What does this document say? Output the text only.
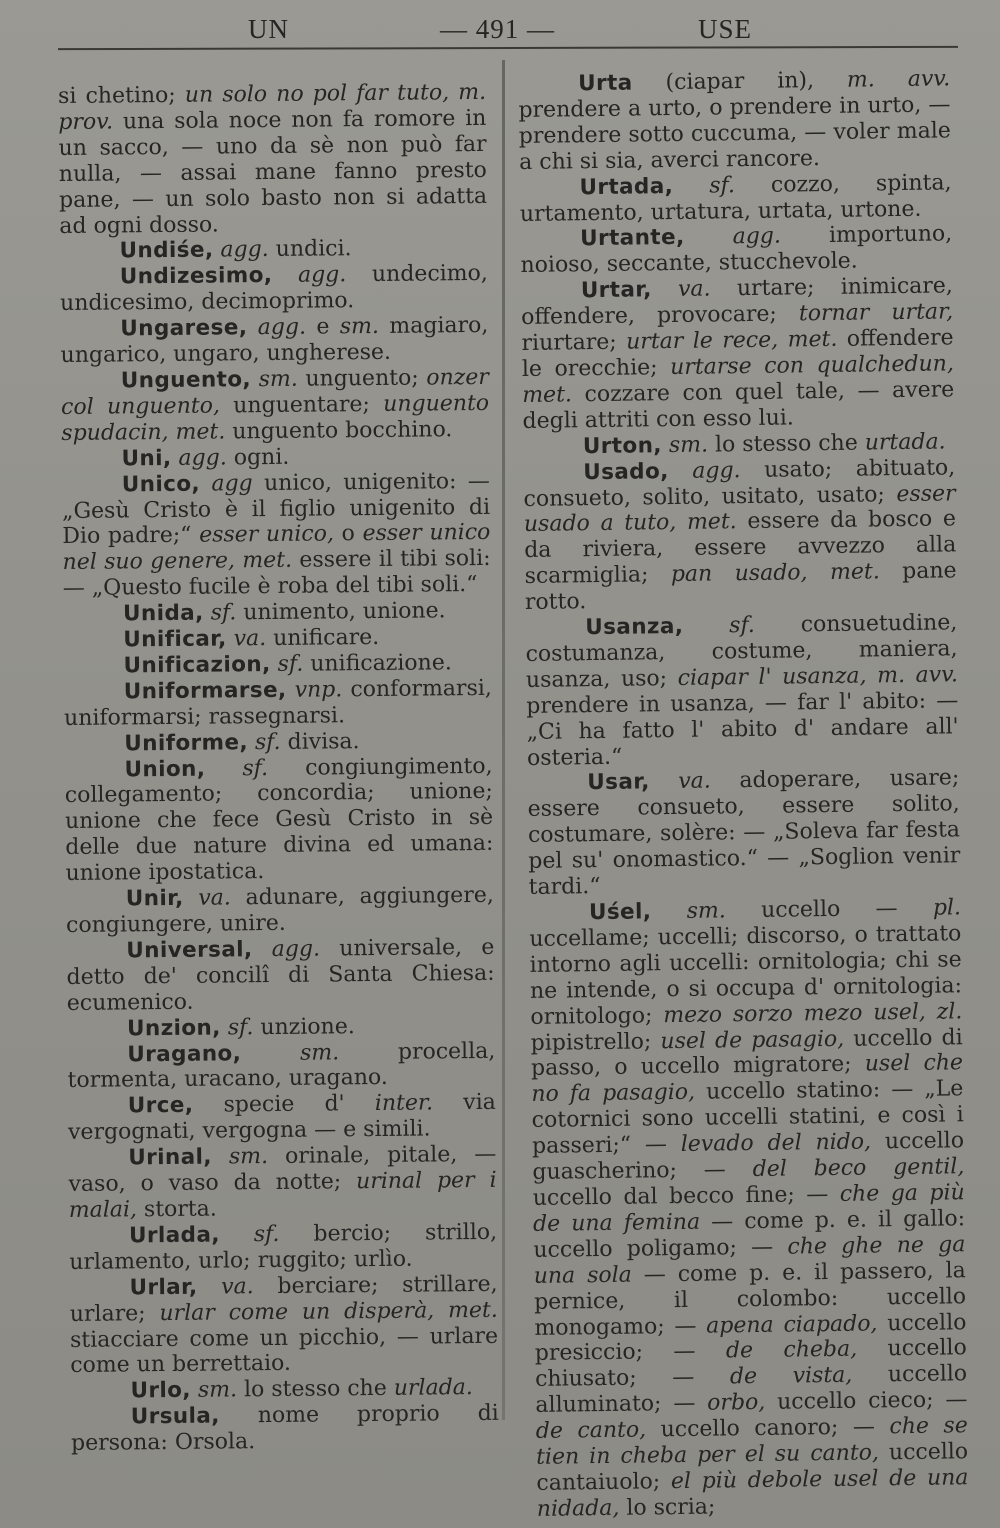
UN	— 491 —	USE

si chetino; un solo no pol far tuto, m. prov. una sola noce non fa romore in un sacco, — uno da sè non può far nulla, — assai mane fanno presto pane, — un solo basto non si adatta ad ogni dosso.

Undiśe, agg. undici.

Undizesimo, agg. undecimo, undicesimo, decimoprimo.

Ungarese, agg. e sm. magiaro, ungarico, ungaro, ungherese.

Unguento, sm. unguento; onzer col unguento, unguentare; unguento spudacin, met. unguento bocchino.

Uni, agg. ogni.

Unico, agg unico, unigenito: — „Gesù Cristo è il figlio unigenito di Dio padre;“ esser unico, o esser unico nel suo genere, met. essere il tibi soli: — „Questo fucile è roba del tibi soli.“

Unida, sf. unimento, unione.

Unificar, va. unificare.

Unificazion, sf. unificazione.

Uniformarse, vnp. conformarsi, uniformarsi; rassegnarsi.

Uniforme, sf. divisa.

Union, sf. congiungimento, collegamento; concordia; unione; unione che fece Gesù Cristo in sè delle due nature divina ed umana: unione ipostatica.

Unir, va. adunare, aggiungere, congiungere, unire.

Universal, agg. universale, e detto de' concilî di Santa Chiesa: ecumenico.

Unzion, sf. unzione.

Uragano, sm. procella, tormenta, uracano, uragano.

Urce, specie d' inter. via vergognati, vergogna — e simili.

Urinal, sm. orinale, pitale, — vaso, o vaso da notte; urinal per i malai, storta.

Urlada, sf. bercio; strillo, urlamento, urlo; ruggito; urlìo.

Urlar, va. berciare; strillare, urlare; urlar come un disperà, met. stiacciare come un picchio, — urlare come un berrettaio.

Urlo, sm. lo stesso che urlada.

Ursula, nome proprio di persona: Orsola.

Urta (ciapar in), m. avv. prendere a urto, o prendere in urto, — prendere sotto cuccuma, — voler male a chi si sia, averci rancore.

Urtada, sf. cozzo, spinta, urtamento, urtatura, urtata, urtone.

Urtante, agg. importuno, noioso, seccante, stucchevole.

Urtar, va. urtare; inimicare, offendere, provocare; tornar urtar, riurtare; urtar le rece, met. offendere le orecchie; urtarse con qualchedun, met. cozzare con quel tale, — avere degli attriti con esso lui.

Urton, sm. lo stesso che urtada.

Usado, agg. usato; abituato, consueto, solito, usitato, usato; esser usado a tuto, met. essere da bosco e da riviera, essere avvezzo alla scarmiglia; pan usado, met. pane rotto.

Usanza, sf. consuetudine, costumanza, costume, maniera, usanza, uso; ciapar l' usanza, m. avv. prendere in usanza, — far l' abito: — „Ci ha fatto l' abito d' andare all' osteria.“

Usar, va. adoperare, usare; essere consueto, essere solito, costumare, solère: — „Soleva far festa pel su' onomastico.“ — „Soglion venir tardi.“

Uśel, sm. uccello — pl. uccellame; uccelli; discorso, o trattato intorno agli uccelli: ornitologia; chi se ne intende, o si occupa d' ornitologia: ornitologo; mezo sorzo mezo usel, zl. pipistrello; usel de pasagio, uccello di passo, o uccello migratore; usel che no fa pasagio, uccello statino: — „Le cotornici sono uccelli statini, e così i passeri;“ — levado del nido, uccello guascherino; — del beco gentil, uccello dal becco fine; — che ga più de una femina — come p. e. il gallo: uccello poligamo; — che ghe ne ga una sola — come p. e. il passero, la pernice, il colombo: uccello monogamo; — apena ciapado, uccello presiccio; — de cheba, uccello chiusato; — de vista, uccello alluminato; — orbo, uccello cieco; — de canto, uccello canoro; — che se tien in cheba per el su canto, uccello cantaiuolo; el più debole usel de una nidada, lo scria;
